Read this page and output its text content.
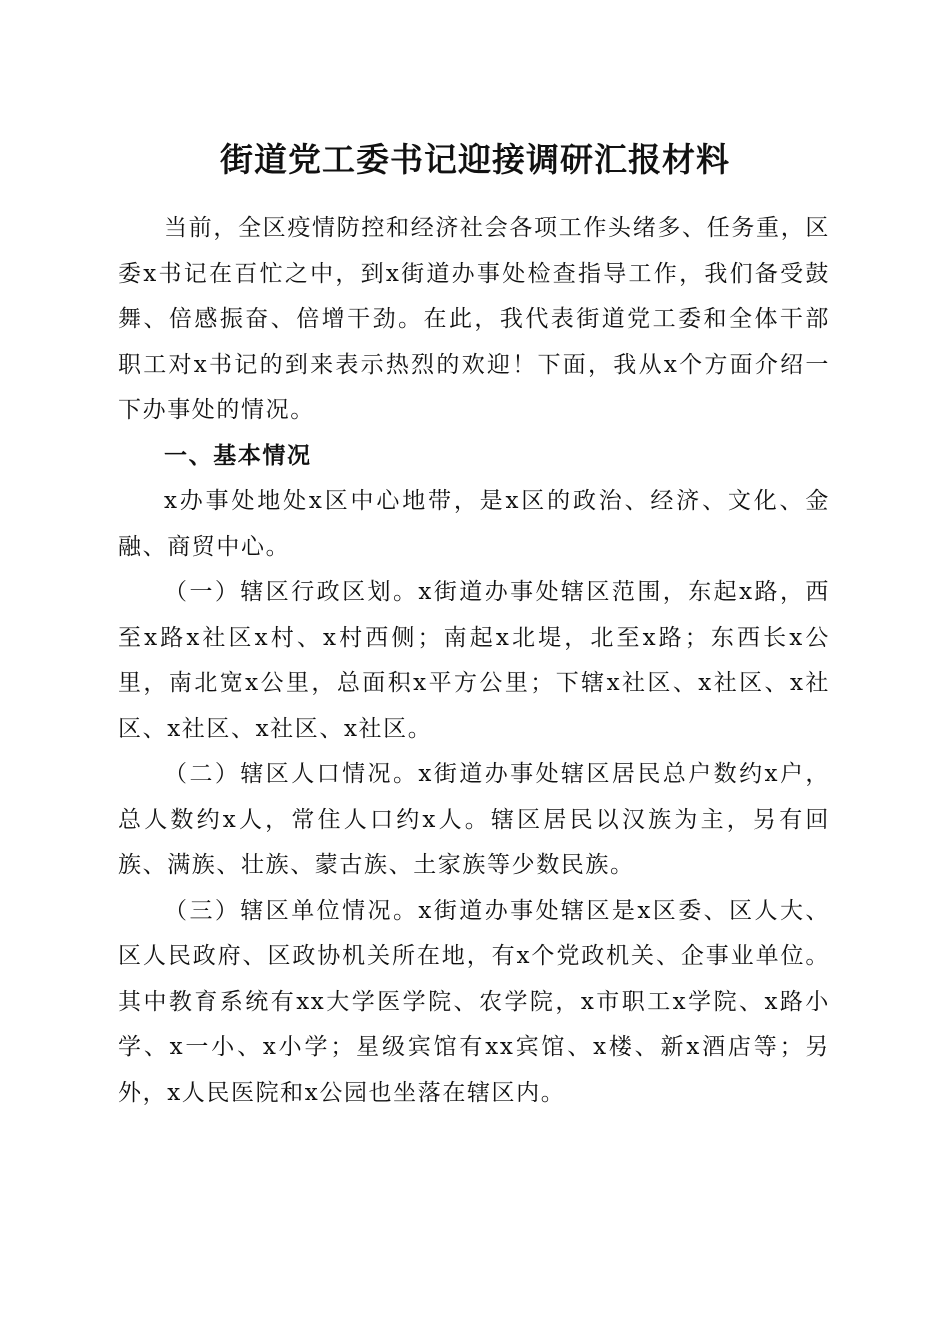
街道党工委书记迎接调研汇报材料

当前，全区疫情防控和经济社会各项工作头绪多、任务重，区委x书记在百忙之中，到x街道办事处检查指导工作，我们备受鼓舞、倍感振奋、倍增干劲。在此，我代表街道党工委和全体干部职工对x书记的到来表示热烈的欢迎！下面，我从x个方面介绍一下办事处的情况。

一、基本情况

x办事处地处x区中心地带，是x区的政治、经济、文化、金融、商贸中心。

（一）辖区行政区划。x街道办事处辖区范围，东起x路，西至x路x社区x村、x村西侧；南起x北堤，北至x路；东西长x公里，南北宽x公里，总面积x平方公里；下辖x社区、x社区、x社区、x社区、x社区、x社区。

（二）辖区人口情况。x街道办事处辖区居民总户数约x户，总人数约x人，常住人口约x人。辖区居民以汉族为主，另有回族、满族、壮族、蒙古族、土家族等少数民族。

（三）辖区单位情况。x街道办事处辖区是x区委、区人大、区人民政府、区政协机关所在地，有x个党政机关、企事业单位。其中教育系统有xx大学医学院、农学院，x市职工x学院、x路小学、x一小、x小学；星级宾馆有xx宾馆、x楼、新x酒店等；另外，x人民医院和x公园也坐落在辖区内。
